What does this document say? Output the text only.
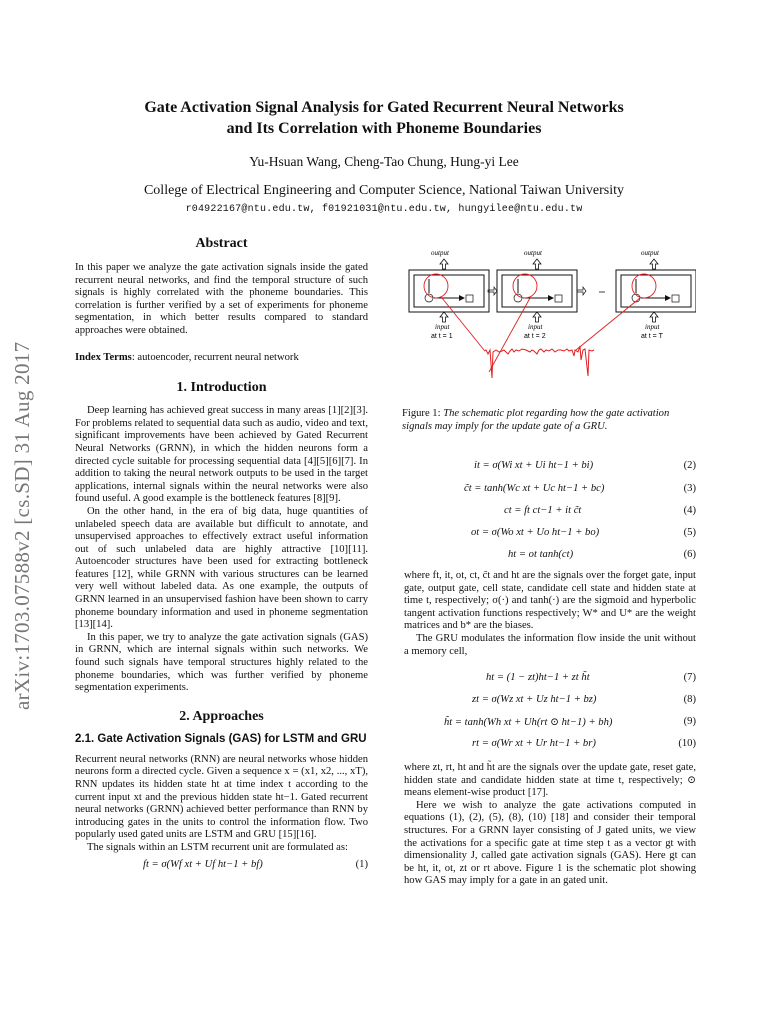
arXiv:1703.07588v2 [cs.SD] 31 Aug 2017
Gate Activation Signal Analysis for Gated Recurrent Neural Networks
and Its Correlation with Phoneme Boundaries
Yu-Hsuan Wang, Cheng-Tao Chung, Hung-yi Lee
College of Electrical Engineering and Computer Science, National Taiwan University
r04922167@ntu.edu.tw, f01921031@ntu.edu.tw, hungyilee@ntu.edu.tw
Abstract
In this paper we analyze the gate activation signals inside the gated recurrent neural networks, and find the temporal structure of such signals is highly correlated with the phoneme boundaries. This correlation is further verified by a set of experiments for phoneme segmentation, in which better results compared to standard approaches were obtained.
Index Terms: autoencoder, recurrent neural network
1. Introduction

Deep learning has achieved great success in many areas [1][2][3]. For problems related to sequential data such as audio, video and text, significant improvements have been achieved by Gated Recurrent Neural Networks (GRNN), in which the hidden neurons form a directed cycle suitable for processing sequential data [4][5][6][7]. In addition to taking the neural network outputs to be used in the target applications, internal signals within the neural networks were also found useful. A good example is the bottleneck features [8][9].

On the other hand, in the era of big data, huge quantities of unlabeled speech data are available but difficult to annotate, and unsupervised approaches to effectively extract useful information out of such unlabeled data are highly attractive [10][11]. Autoencoder structures have been used for extracting bottleneck features [12], while GRNN with various structures can be learned very well without labeled data. As one example, the outputs of GRNN learned in an unsupervised fashion have been shown to carry phoneme boundary information and used in phoneme segmentation [13][14].

In this paper, we try to analyze the gate activation signals (GAS) in GRNN, which are internal signals within such networks. We found such signals have temporal structures highly related to the phoneme boundaries, which was further verified by phoneme segmentation experiments.

2. Approaches
2.1. Gate Activation Signals (GAS) for LSTM and GRU

Recurrent neural networks (RNN) are neural networks whose hidden neurons form a directed cycle. Given a sequence x = (x1, x2, ..., xT), RNN updates its hidden state ht at time index t according to the current input xt and the previous hidden state ht−1. Gated recurrent neural networks (GRNN) achieved better performance than RNN by introducing gates in the units to control the information flow. Two popularly used gated units are LSTM and GRU [15][16].

The signals within an LSTM recurrent unit are formulated as:

ft = σ(Wf xt + Uf ht−1 + bf)	(1)
output	output	output
input
at t = 1
input
at t = 2
input
at t = T
Figure 1: The schematic plot regarding how the gate activation signals may imply for the update gate of a GRU.
it = σ(Wi xt + Ui ht−1 + bi)	(2)
c̃t = tanh(Wc xt + Uc ht−1 + bc)	(3)
ct = ft ct−1 + it c̃t	(4)
ot = σ(Wo xt + Uo ht−1 + bo)	(5)
ht = ot tanh(ct)	(6)

where ft, it, ot, ct, c̃t and ht are the signals over the forget gate, input gate, output gate, cell state, candidate cell state and hidden state at time t, respectively; σ(·) and tanh(·) are the sigmoid and hyperbolic tangent activation functions respectively; W* and U* are the weight matrices and b* are the biases.

The GRU modulates the information flow inside the unit without a memory cell,

ht = (1 − zt)ht−1 + zt h̃t	(7)
zt = σ(Wz xt + Uz ht−1 + bz)	(8)
h̃t = tanh(Wh xt + Uh(rt ⊙ ht−1) + bh)	(9)
rt = σ(Wr xt + Ur ht−1 + br)	(10)

where zt, rt, ht and h̃t are the signals over the update gate, reset gate, hidden state and candidate hidden state at time t, respectively; ⊙ means element-wise product [17].

Here we wish to analyze the gate activations computed in equations (1), (2), (5), (8), (10) [18] and consider their temporal structures. For a GRNN layer consisting of J gated units, we view the activations for a specific gate at time step t as a vector gt with dimensionality J, called gate activation signals (GAS). Here gt can be ht, it, ot, zt or rt above. Figure 1 is the schematic plot showing how GAS may imply for a gate in an gated unit.
